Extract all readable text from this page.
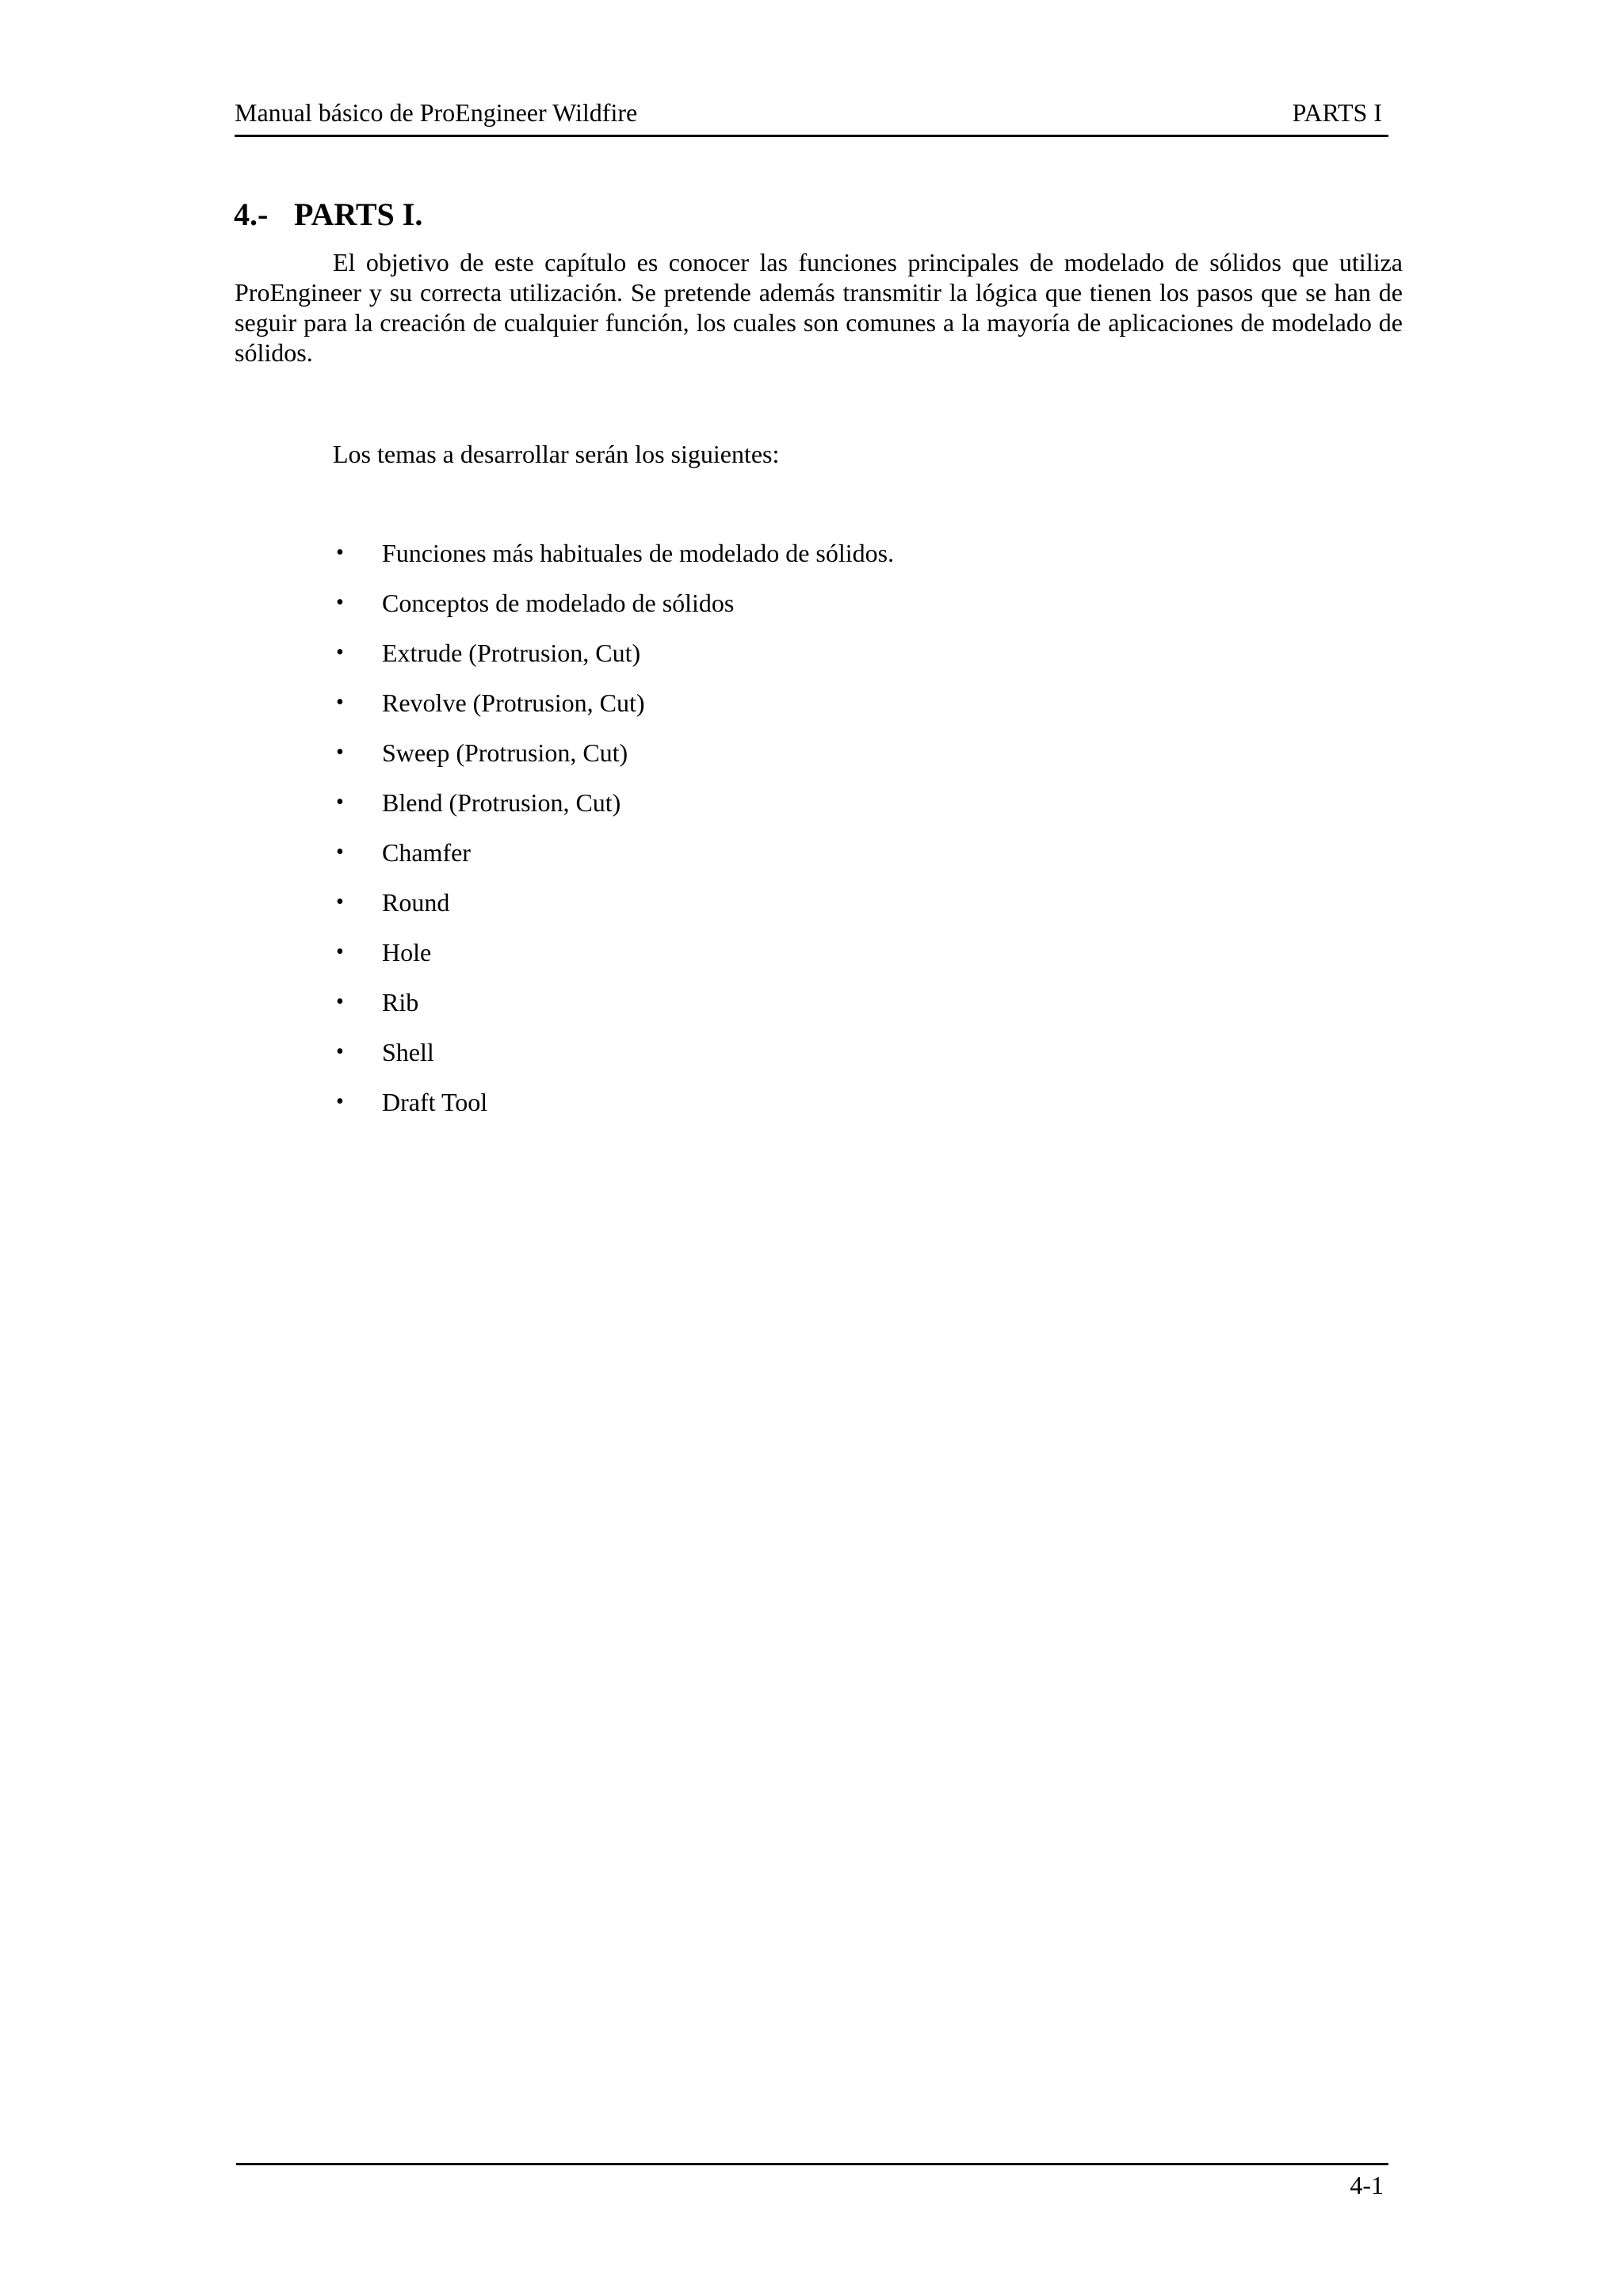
Manual básico de ProEngineer Wildfire	PARTS I
4.- PARTS I.

El objetivo de este capítulo es conocer las funciones principales de modelado de sólidos que utiliza ProEngineer y su correcta utilización. Se pretende además transmitir la lógica que tienen los pasos que se han de seguir para la creación de cualquier función, los cuales son comunes a la mayoría de aplicaciones de modelado de sólidos.

Los temas a desarrollar serán los siguientes:

• Funciones más habituales de modelado de sólidos.
• Conceptos de modelado de sólidos
• Extrude (Protrusion, Cut)
• Revolve (Protrusion, Cut)
• Sweep (Protrusion, Cut)
• Blend (Protrusion, Cut)
• Chamfer
• Round
• Hole
• Rib
• Shell
• Draft Tool
4-1
